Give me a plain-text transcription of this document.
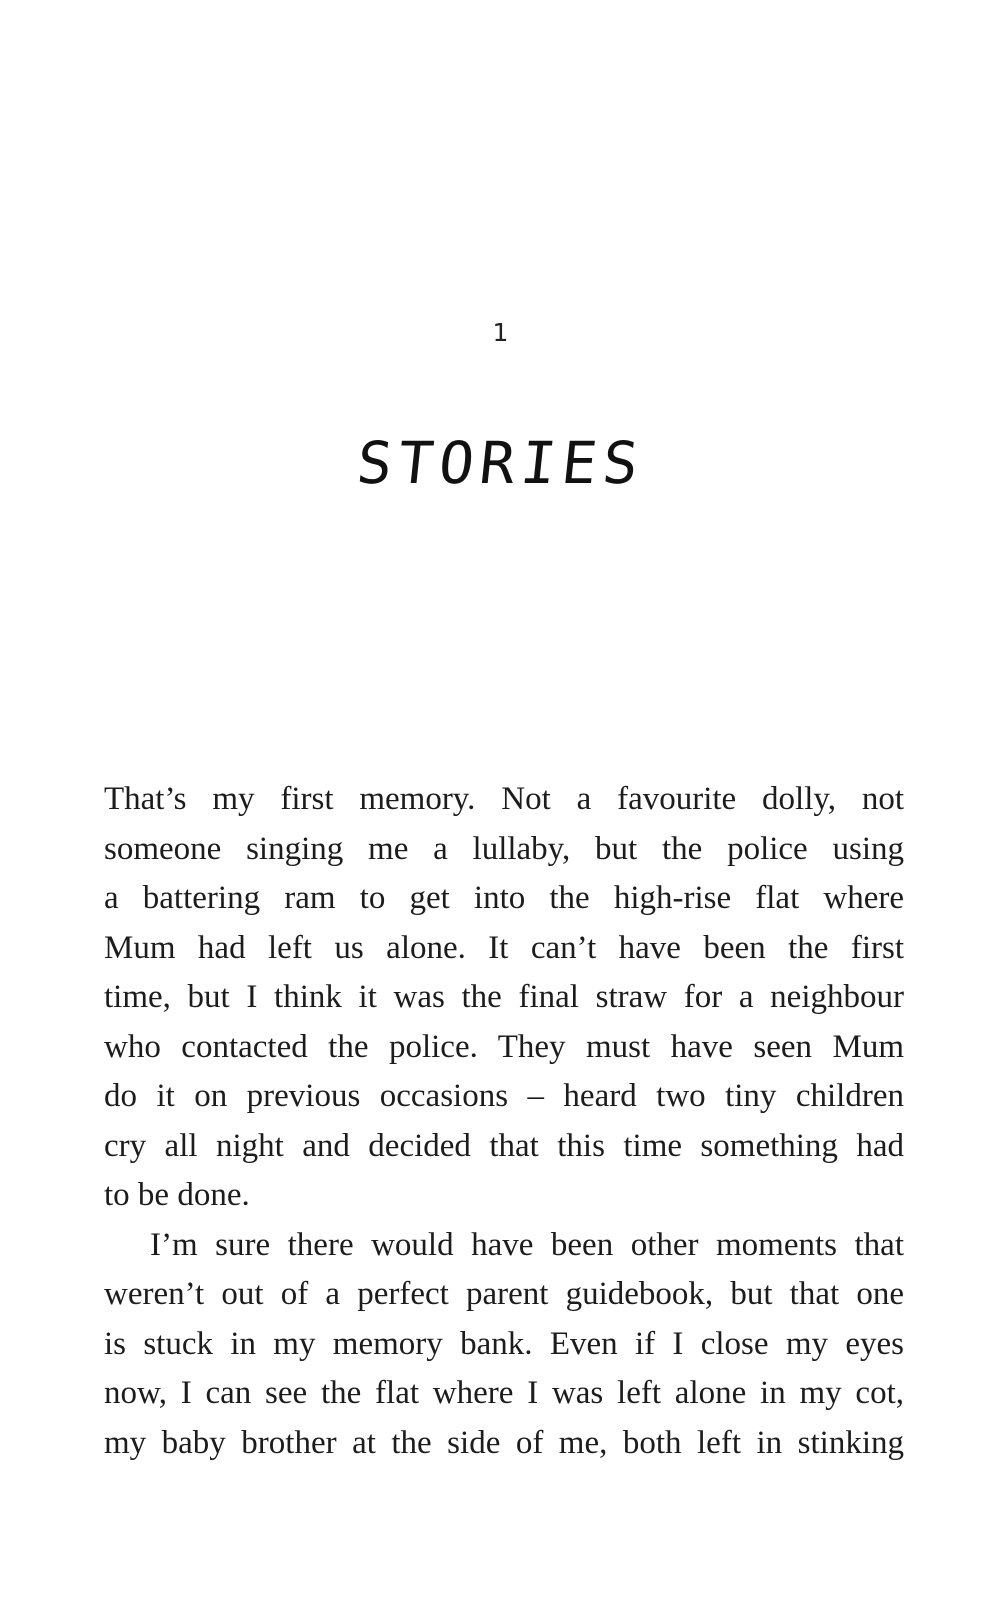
1
STORIES
That’s my first memory. Not a favourite dolly, not
someone singing me a lullaby, but the police using
a battering ram to get into the high-rise flat where
Mum had left us alone. It can’t have been the first
time, but I think it was the final straw for a neighbour
who contacted the police. They must have seen Mum
do it on previous occasions – heard two tiny children
cry all night and decided that this time something had
to be done.
I’m sure there would have been other moments that
weren’t out of a perfect parent guidebook, but that one
is stuck in my memory bank. Even if I close my eyes
now, I can see the flat where I was left alone in my cot,
my baby brother at the side of me, both left in stinking
